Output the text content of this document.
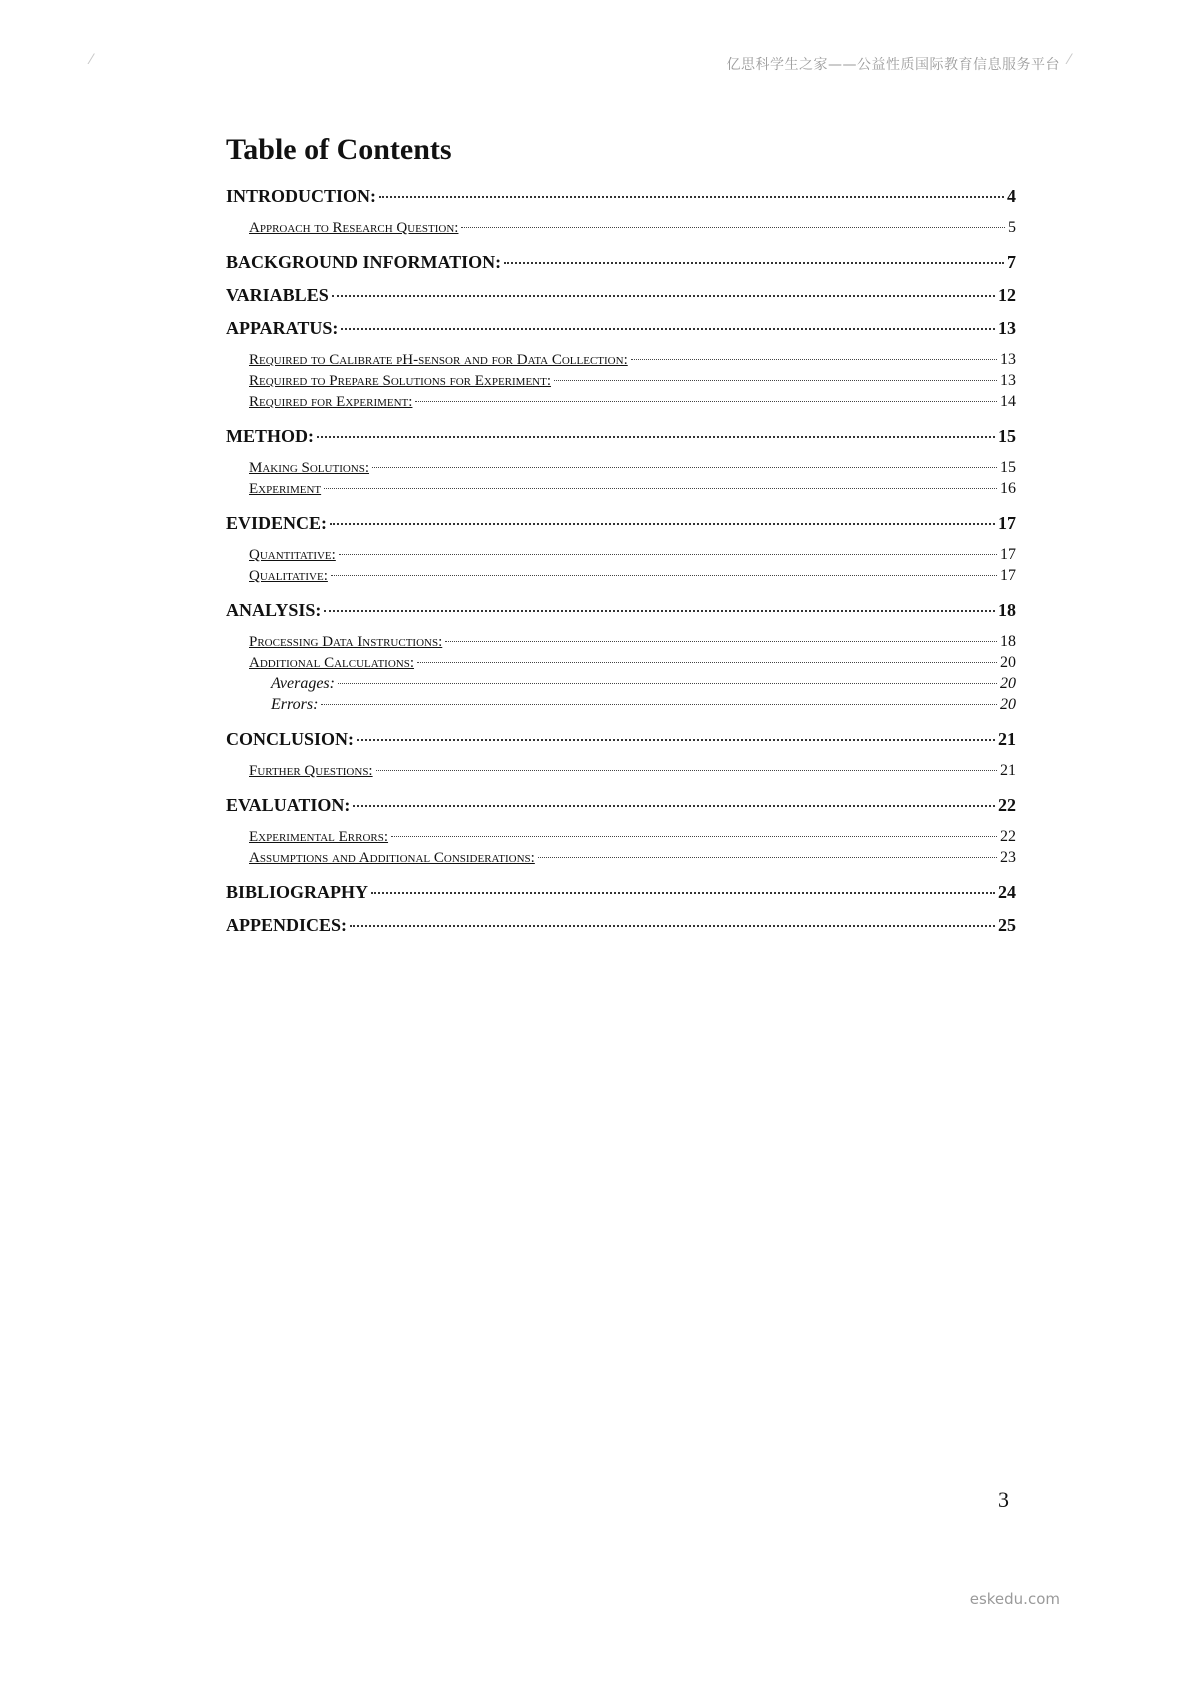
⁄	⁄
亿思科学生之家——公益性质国际教育信息服务平台
Table of Contents
INTRODUCTION:	4
Approach to Research Question:	5
BACKGROUND INFORMATION:	7
VARIABLES	12
APPARATUS:	13
Required to Calibrate pH-sensor and for Data Collection:	13
Required to Prepare Solutions for Experiment:	13
Required for Experiment:	14
METHOD:	15
Making Solutions:	15
Experiment	16
EVIDENCE:	17
Quantitative:	17
Qualitative:	17
ANALYSIS:	18
Processing Data Instructions:	18
Additional Calculations:	20
Averages:	20
Errors:	20
CONCLUSION:	21
Further Questions:	21
EVALUATION:	22
Experimental Errors:	22
Assumptions and Additional Considerations:	23
BIBLIOGRAPHY	24
APPENDICES:	25
3
eskedu.com
